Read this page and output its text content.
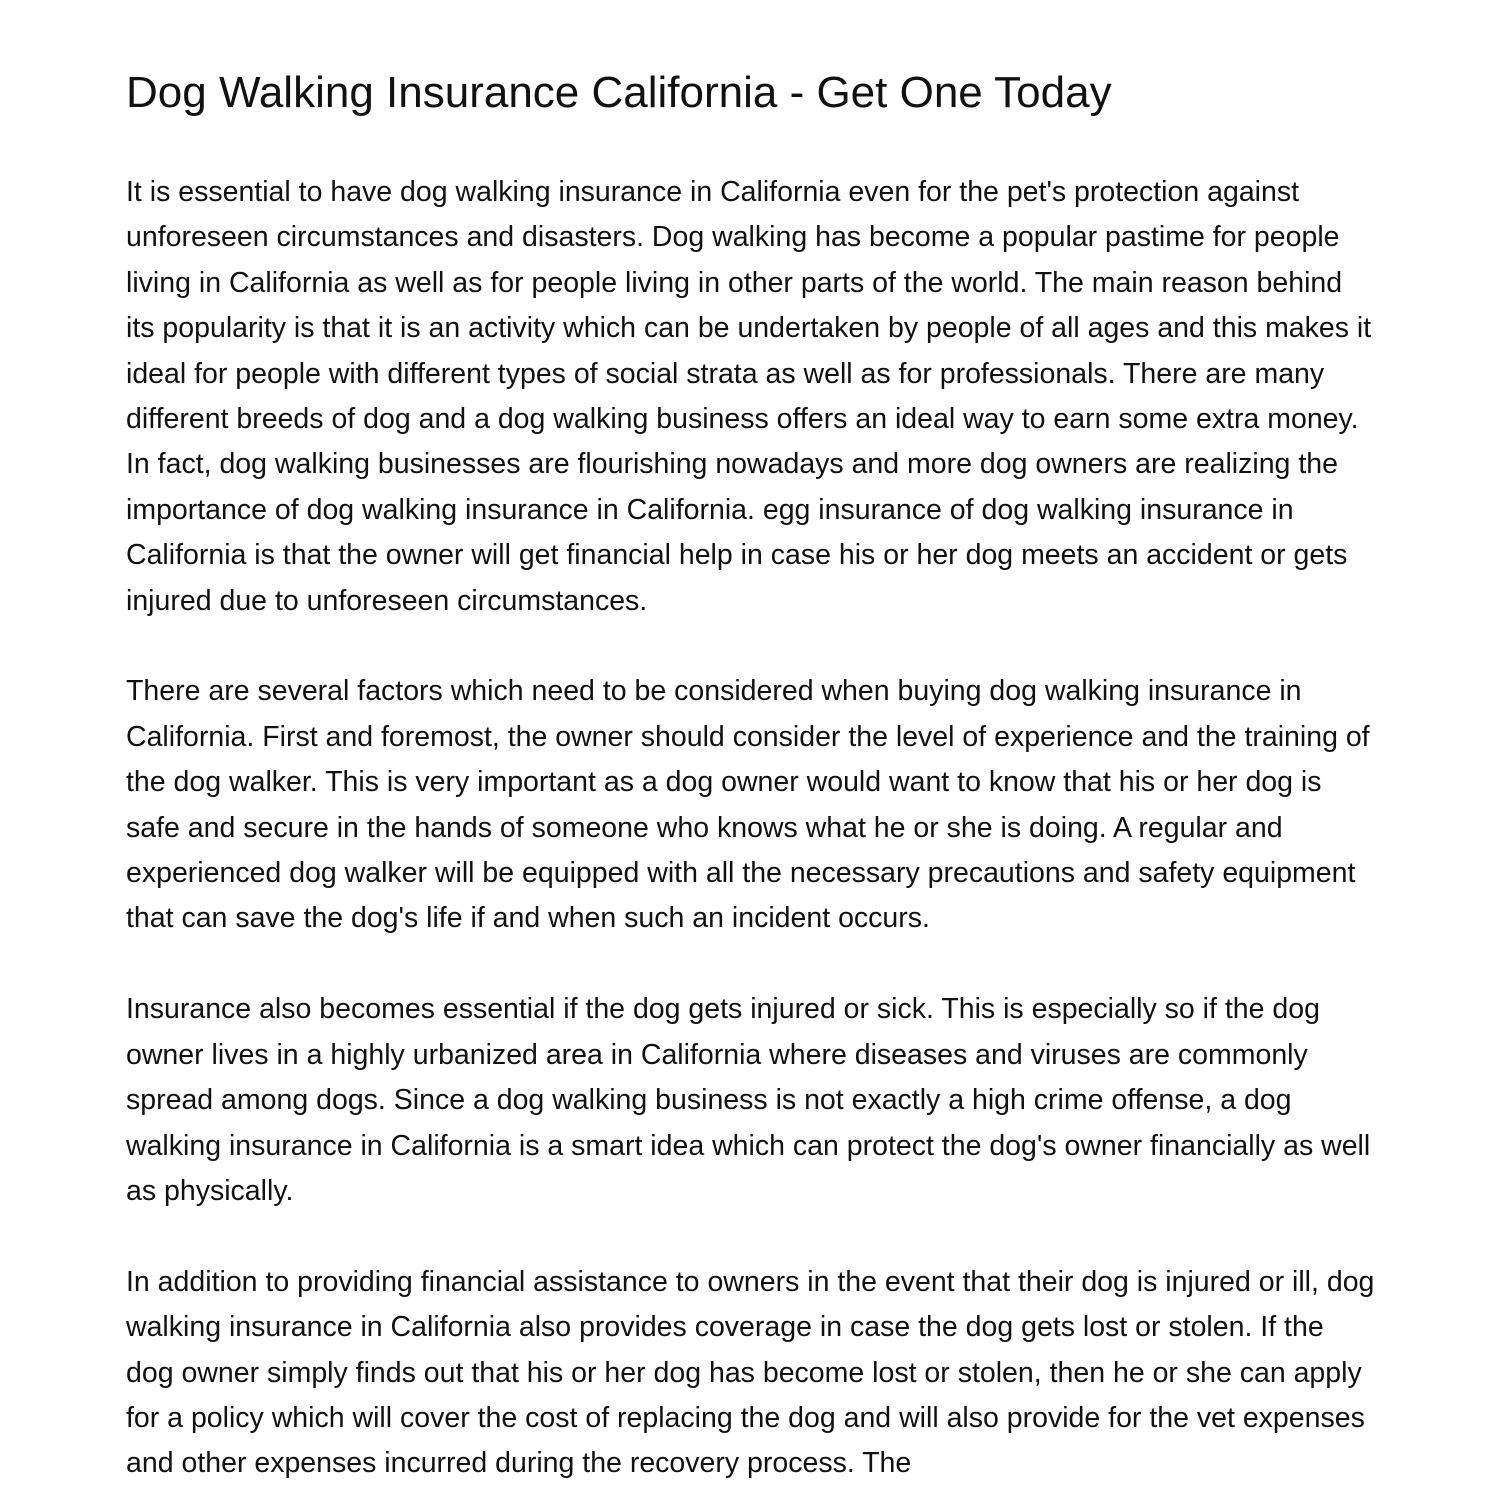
Dog Walking Insurance California - Get One Today

It is essential to have dog walking insurance in California even for the pet's protection against unforeseen circumstances and disasters. Dog walking has become a popular pastime for people living in California as well as for people living in other parts of the world. The main reason behind its popularity is that it is an activity which can be undertaken by people of all ages and this makes it ideal for people with different types of social strata as well as for professionals. There are many different breeds of dog and a dog walking business offers an ideal way to earn some extra money. In fact, dog walking businesses are flourishing nowadays and more dog owners are realizing the importance of dog walking insurance in California. egg insurance of dog walking insurance in California is that the owner will get financial help in case his or her dog meets an accident or gets injured due to unforeseen circumstances.

There are several factors which need to be considered when buying dog walking insurance in California. First and foremost, the owner should consider the level of experience and the training of the dog walker. This is very important as a dog owner would want to know that his or her dog is safe and secure in the hands of someone who knows what he or she is doing. A regular and experienced dog walker will be equipped with all the necessary precautions and safety equipment that can save the dog's life if and when such an incident occurs.

Insurance also becomes essential if the dog gets injured or sick. This is especially so if the dog owner lives in a highly urbanized area in California where diseases and viruses are commonly spread among dogs. Since a dog walking business is not exactly a high crime offense, a dog walking insurance in California is a smart idea which can protect the dog's owner financially as well as physically.

In addition to providing financial assistance to owners in the event that their dog is injured or ill, dog walking insurance in California also provides coverage in case the dog gets lost or stolen. If the dog owner simply finds out that his or her dog has become lost or stolen, then he or she can apply for a policy which will cover the cost of replacing the dog and will also provide for the vet expenses and other expenses incurred during the recovery process. The
